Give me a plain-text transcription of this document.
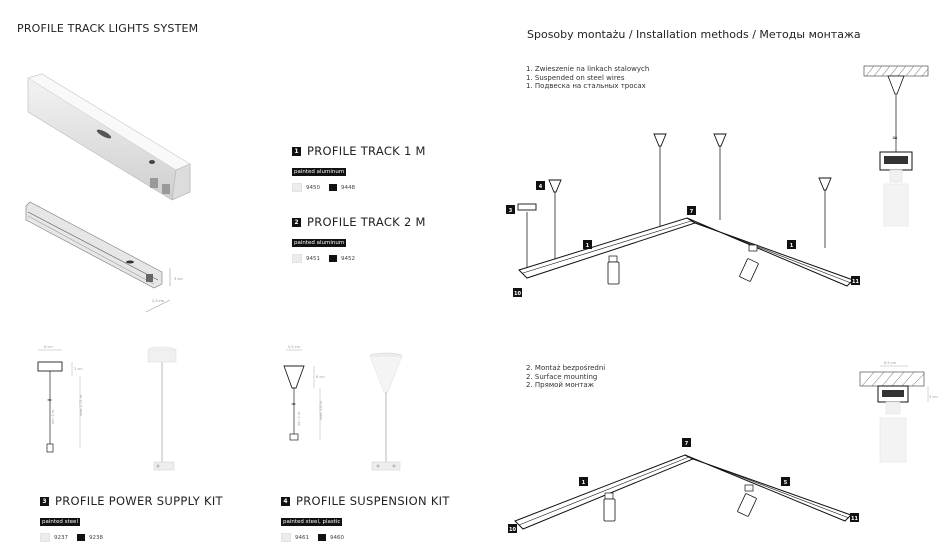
PROFILE TRACK LIGHTS SYSTEM	Sposoby montażu / Installation methods / Методы монтажа
3 cm
2,5 cm
1 PROFILE TRACK 1 M
painted aluminum
9450	9448
2 PROFILE TRACK 2 M
painted aluminum
9451	9452
8 cm
≈
3 cm
max 2,75 m
min 1 m
5,5 cm
≈
6 cm
max 3,0 m
min 1 m
3 PROFILE POWER SUPPLY KIT
painted steel
9237	9238
4 PROFILE SUSPENSION KIT
painted steel, plastic
9461	9460
1. Zwieszenie na linkach stalowych
1. Suspended on steel wires
1. Подвеска на стальных тросах
4
3
1
7
1
10
11
≈
2. Montaż bezpośredni
2. Surface mounting
2. Прямой монтаж
7
1	5
10
11
8,5 cm
3 cm
